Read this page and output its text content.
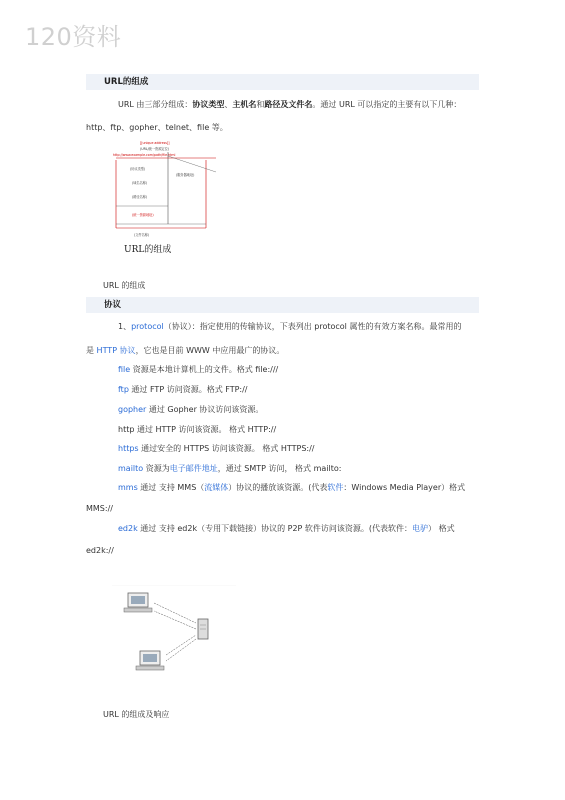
120资料
URL的组成
URL 由三部分组成：协议类型、主机名和路径及文件名。通过 URL 可以指定的主要有以下几种：
http、ftp、gopher、telnet、file 等。
[[unique address]]
(URL/统一资源定位)
http://www.example.com/path/file.html
(协议类型)
(域名名称)
(服务器地址)
(路径名称)
(统一资源地址)
(文件名称)
URL的组成
URL 的组成
协议
1、protocol（协议）：指定使用的传输协议，下表列出 protocol 属性的有效方案名称。最常用的
是 HTTP 协议，它也是目前 WWW 中应用最广的协议。
file 资源是本地计算机上的文件。格式 file:///
ftp 通过 FTP 访问资源。格式 FTP://
gopher 通过 Gopher 协议访问该资源。
http 通过 HTTP 访问该资源。 格式 HTTP://
https 通过安全的 HTTPS 访问该资源。 格式 HTTPS://
mailto 资源为电子邮件地址，通过 SMTP 访问， 格式 mailto:
mms 通过 支持 MMS（流媒体）协议的播放该资源。(代表软件：Windows Media Player）格式
MMS://
ed2k 通过 支持 ed2k（专用下载链接）协议的 P2P 软件访问该资源。(代表软件：电驴） 格式
ed2k://
URL 的组成及响应
